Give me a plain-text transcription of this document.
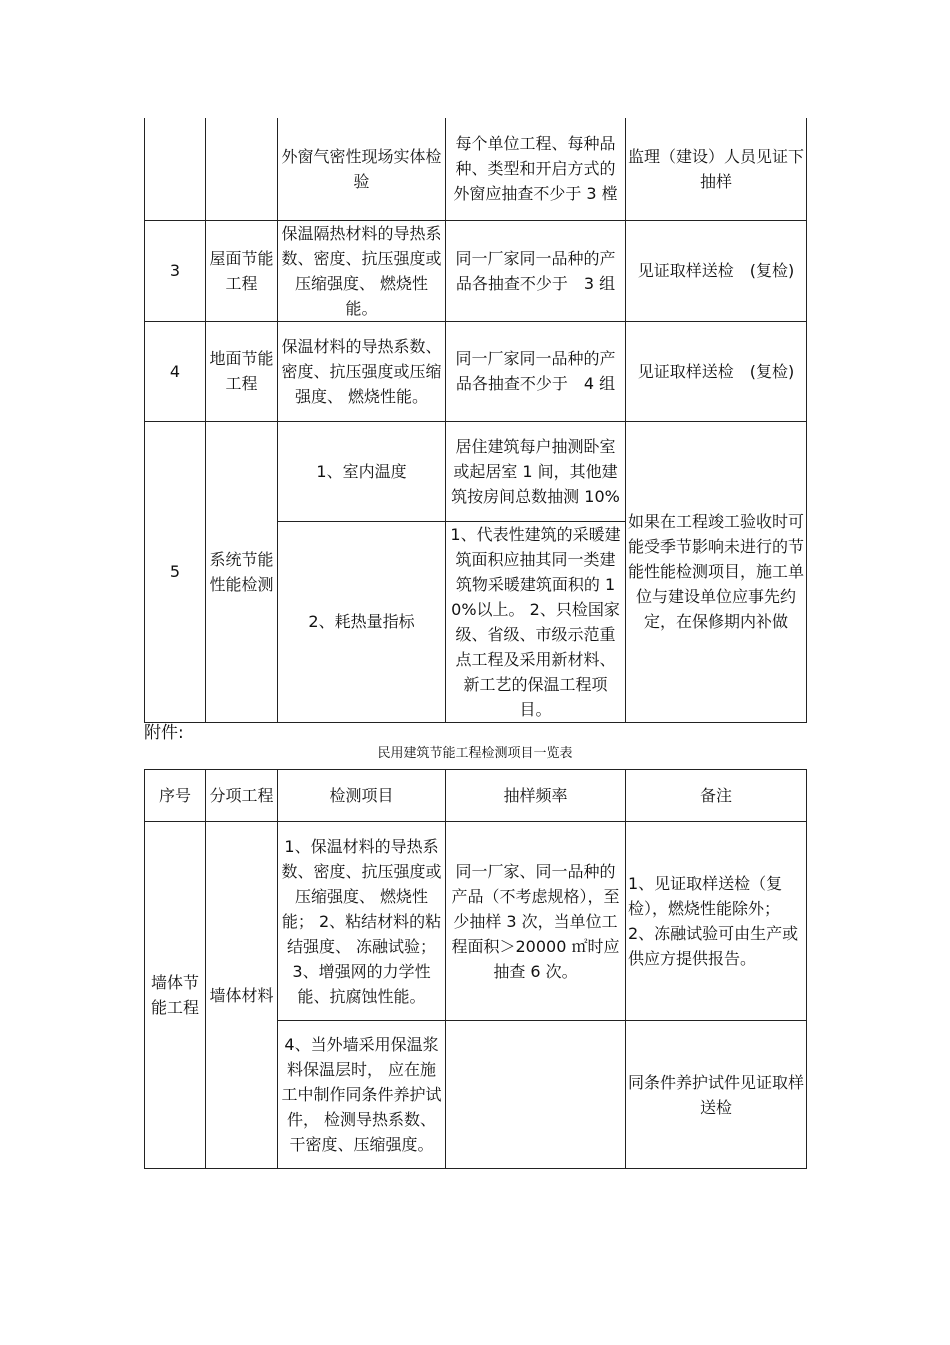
		外窗气密性现场实体检验	每个单位工程、每种品种、类型和开启方式的外窗应抽查不少于 3 樘	监理（建设）人员见证下抽样
3	屋面节能工程	保温隔热材料的导热系数、密度、抗压强度或压缩强度、 燃烧性能。	同一厂家同一品种的产品各抽查不少于　3 组	见证取样送检　(复检)
4	地面节能工程	保温材料的导热系数、密度、抗压强度或压缩强度、 燃烧性能。	同一厂家同一品种的产品各抽查不少于　4 组	见证取样送检　(复检)
5	系统节能性能检测	1、室内温度	居住建筑每户抽测卧室或起居室 1 间，其他建筑按房间总数抽测 10%	如果在工程竣工验收时可能受季节影响未进行的节能性能检测项目，施工单位与建设单位应事先约定，在保修期内补做
		2、耗热量指标	1、代表性建筑的采暖建筑面积应抽其同一类建筑物采暖建筑面积的 10%以上。 2、只检国家级、省级、市级示范重点工程及采用新材料、新工艺的保温工程项目。	
附件:
民用建筑节能工程检测项目一览表
序号	分项工程	检测项目	抽样频率	备注
墙体节能工程	墙体材料	1、保温材料的导热系数、密度、抗压强度或压缩强度、 燃烧性能； 2、粘结材料的粘结强度、 冻融试验； 3、增强网的力学性能、抗腐蚀性能。	同一厂家、同一品种的产品（不考虑规格），至少抽样 3 次，当单位工程面积＞20000 ㎡时应抽查 6 次。	1、见证取样送检（复检），燃烧性能除外； 2、冻融试验可由生产或供应方提供报告。
		4、当外墙采用保温浆料保温层时， 应在施工中制作同条件养护试件， 检测导热系数、干密度、压缩强度。		同条件养护试件见证取样送检
